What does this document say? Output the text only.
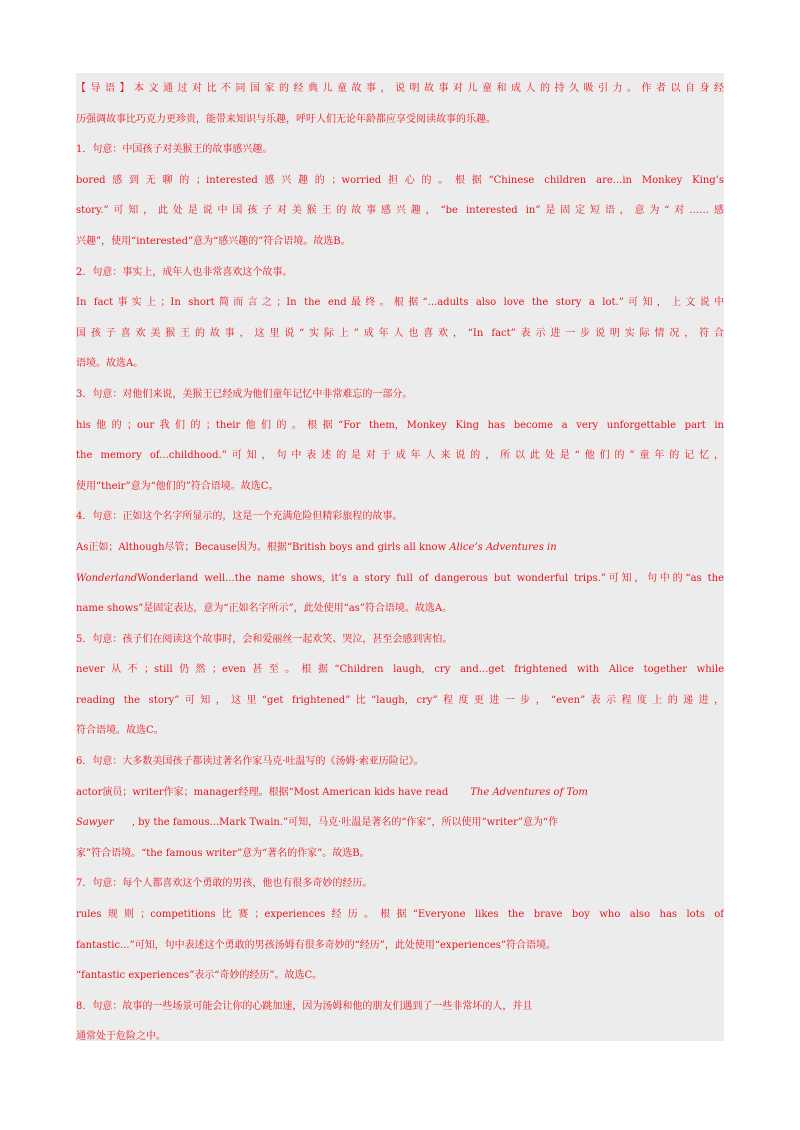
【导语】本文通过对比不同国家的经典儿童故事，说明故事对儿童和成人的持久吸引力。作者以自身经
历强调故事比巧克力更珍贵，能带来知识与乐趣，呼吁人们无论年龄都应享受阅读故事的乐趣。
1．句意：中国孩子对美猴王的故事感兴趣。
bored感到无聊的；interested感兴趣的；worried担心的。根据“Chinese children are...in Monkey King’s
story.”可知，此处是说中国孩子对美猴王的故事感兴趣，“be interested in”是固定短语，意为“对……感
兴趣”，使用“interested”意为“感兴趣的”符合语境。故选B。
2．句意：事实上，成年人也非常喜欢这个故事。
In fact事实上；In short简而言之；In the end最终。根据“...adults also love the story a lot.”可知，上文说中
国孩子喜欢美猴王的故事，这里说“实际上”成年人也喜欢，“In fact”表示进一步说明实际情况，符合
语境。故选A。
3．句意：对他们来说，美猴王已经成为他们童年记忆中非常难忘的一部分。
his他的；our我们的；their他们的。根据“For them, Monkey King has become a very unforgettable part in
the memory of...childhood.”可知，句中表述的是对于成年人来说的，所以此处是“他们的”童年的记忆，
使用“their”意为“他们的”符合语境。故选C。
4．句意：正如这个名字所显示的，这是一个充满危险但精彩旅程的故事。
As正如；Although尽管；Because因为。根据“British boys and girls all know Alice’s Adventures in
WonderlandWonderland well...the name shows, it’s a story full of dangerous but wonderful trips.”可知，句中的“as the
name shows”是固定表达，意为“正如名字所示”，此处使用“as”符合语境。故选A。
5．句意：孩子们在阅读这个故事时，会和爱丽丝一起欢笑、哭泣，甚至会感到害怕。
never从不；still仍然；even甚至。根据“Children laugh, cry and...get frightened with Alice together while
reading the story”可知，这里“get frightened”比“laugh, cry”程度更进一步，“even”表示程度上的递进，
符合语境。故选C。
6．句意：大多数美国孩子都读过著名作家马克·吐温写的《汤姆·索亚历险记》。
actor演员；writer作家；manager经理。根据“Most American kids have read The Adventures of Tom
Sawyer , by the famous...Mark Twain.”可知，马克·吐温是著名的“作家”，所以使用“writer”意为“作
家”符合语境。“the famous writer”意为“著名的作家”。故选B。
7．句意：每个人都喜欢这个勇敢的男孩，他也有很多奇妙的经历。
rules规则；competitions比赛；experiences经历。根据“Everyone likes the brave boy who also has lots of
fantastic...”可知，句中表述这个勇敢的男孩汤姆有很多奇妙的“经历”，此处使用“experiences”符合语境。
“fantastic experiences”表示“奇妙的经历”。故选C。
8．句意：故事的一些场景可能会让你的心跳加速，因为汤姆和他的朋友们遇到了一些非常坏的人，并且
通常处于危险之中。
